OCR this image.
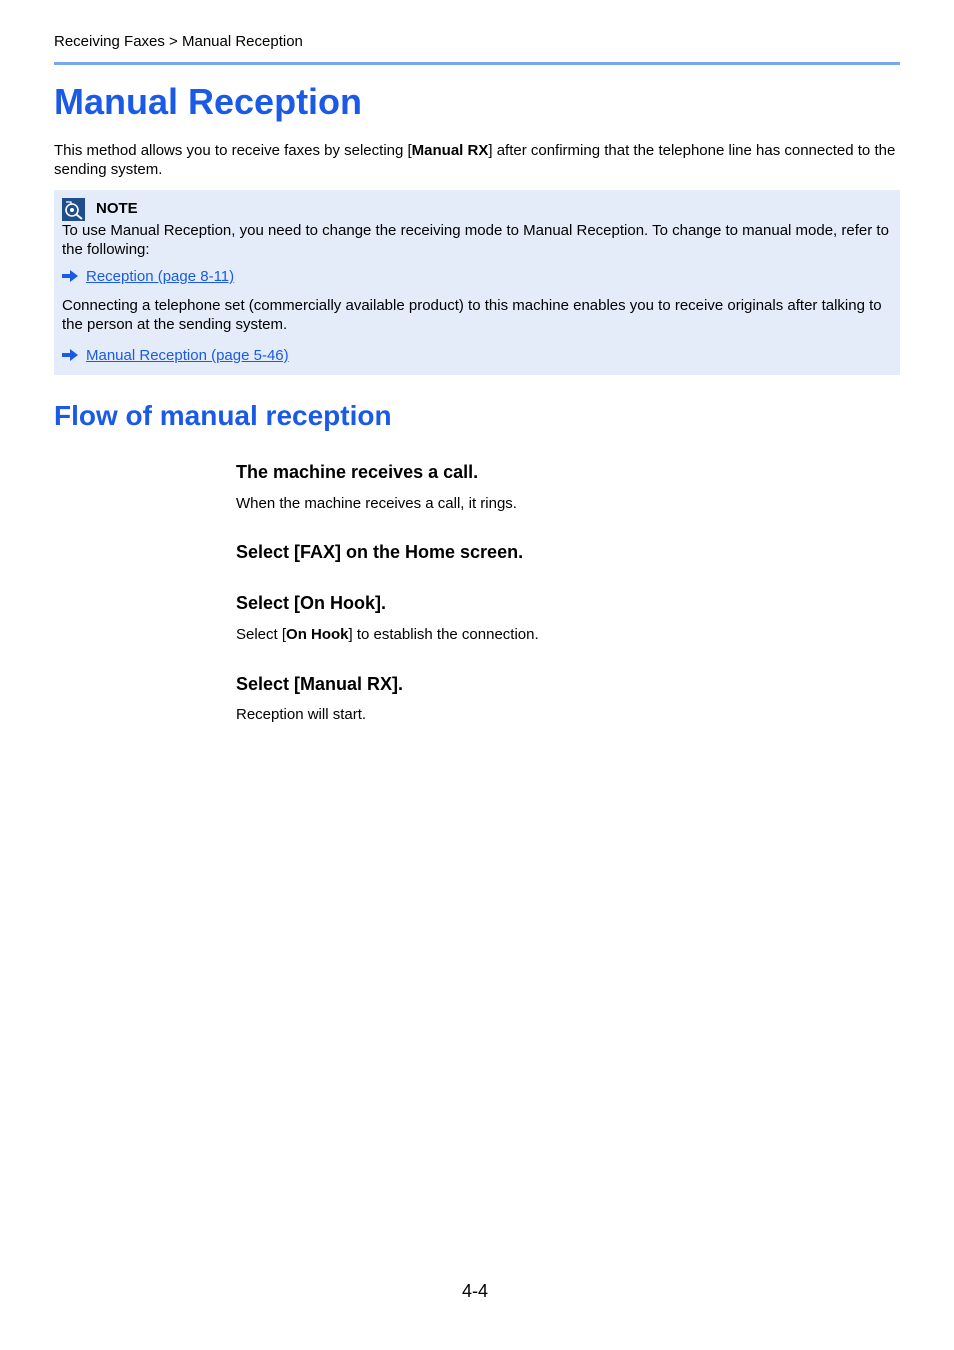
Receiving Faxes > Manual Reception
Manual Reception

This method allows you to receive faxes by selecting [Manual RX] after confirming that the telephone line has connected to the sending system.

NOTE

To use Manual Reception, you need to change the receiving mode to Manual Reception. To change to manual mode, refer to the following:

Reception (page 8-11)

Connecting a telephone set (commercially available product) to this machine enables you to receive originals after talking to the person at the sending system.

Manual Reception (page 5-46)
Flow of manual reception
The machine receives a call.

When the machine receives a call, it rings.

Select [FAX] on the Home screen.
Select [On Hook].

Select [On Hook] to establish the connection.

Select [Manual RX].

Reception will start.

4-4
